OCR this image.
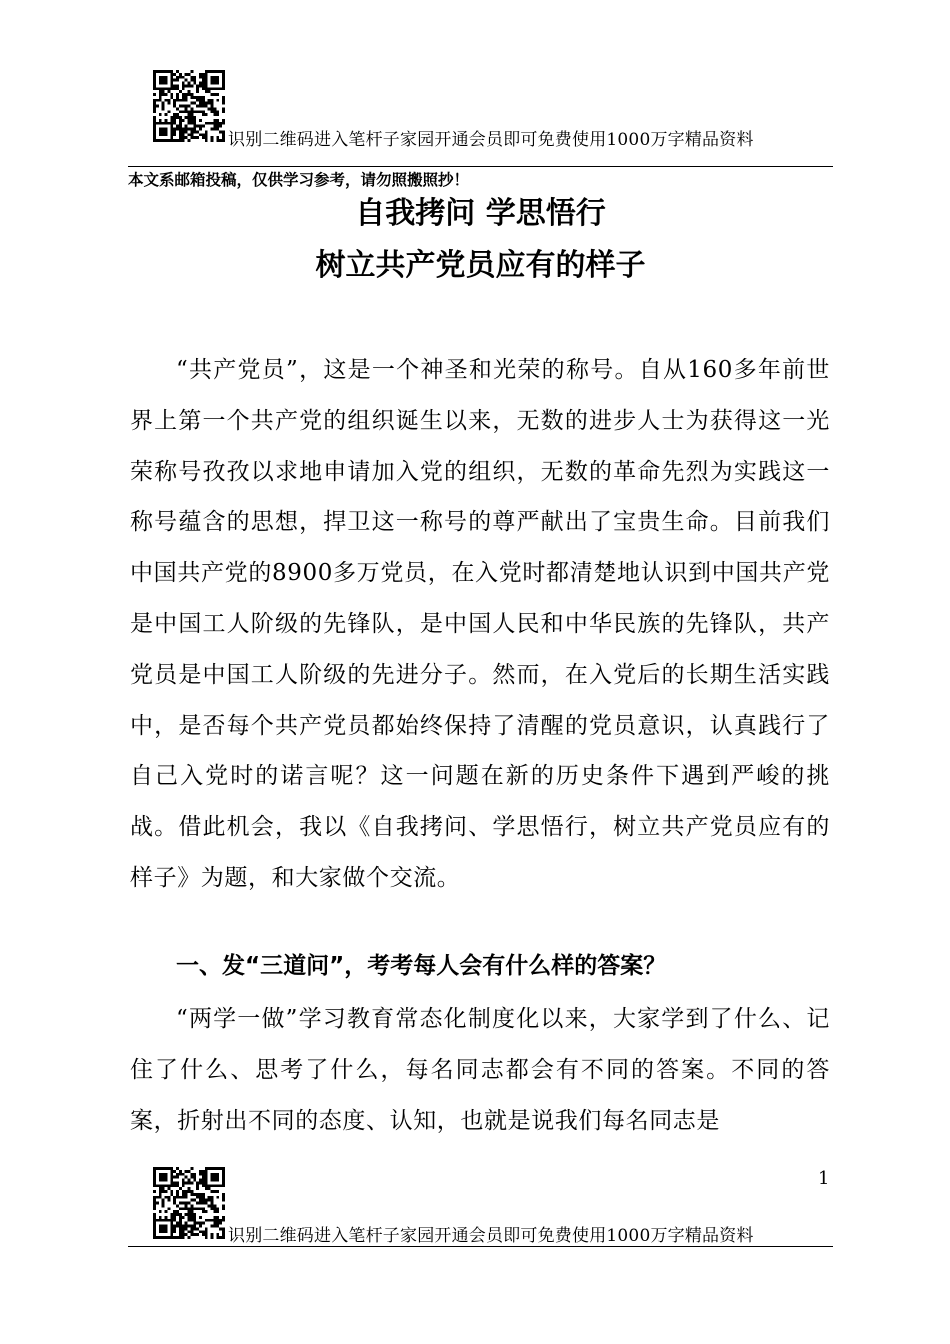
识别二维码进入笔杆子家园开通会员即可免费使用1000万字精品资料
本文系邮箱投稿，仅供学习参考，请勿照搬照抄！
自我拷问 学思悟行
树立共产党员应有的样子

“共产党员”，这是一个神圣和光荣的称号。自从160多年前世界上第一个共产党的组织诞生以来，无数的进步人士为获得这一光荣称号孜孜以求地申请加入党的组织，无数的革命先烈为实践这一称号蕴含的思想，捍卫这一称号的尊严献出了宝贵生命。目前我们中国共产党的8900多万党员，在入党时都清楚地认识到中国共产党是中国工人阶级的先锋队，是中国人民和中华民族的先锋队，共产党员是中国工人阶级的先进分子。然而，在入党后的长期生活实践中，是否每个共产党员都始终保持了清醒的党员意识，认真践行了自己入党时的诺言呢？这一问题在新的历史条件下遇到严峻的挑战。借此机会，我以《自我拷问、学思悟行，树立共产党员应有的样子》为题，和大家做个交流。

一、发“三道问”，考考每人会有什么样的答案？

“两学一做”学习教育常态化制度化以来，大家学到了什么、记住了什么、思考了什么，每名同志都会有不同的答案。不同的答案，折射出不同的态度、认知，也就是说我们每名同志是

1
识别二维码进入笔杆子家园开通会员即可免费使用1000万字精品资料
